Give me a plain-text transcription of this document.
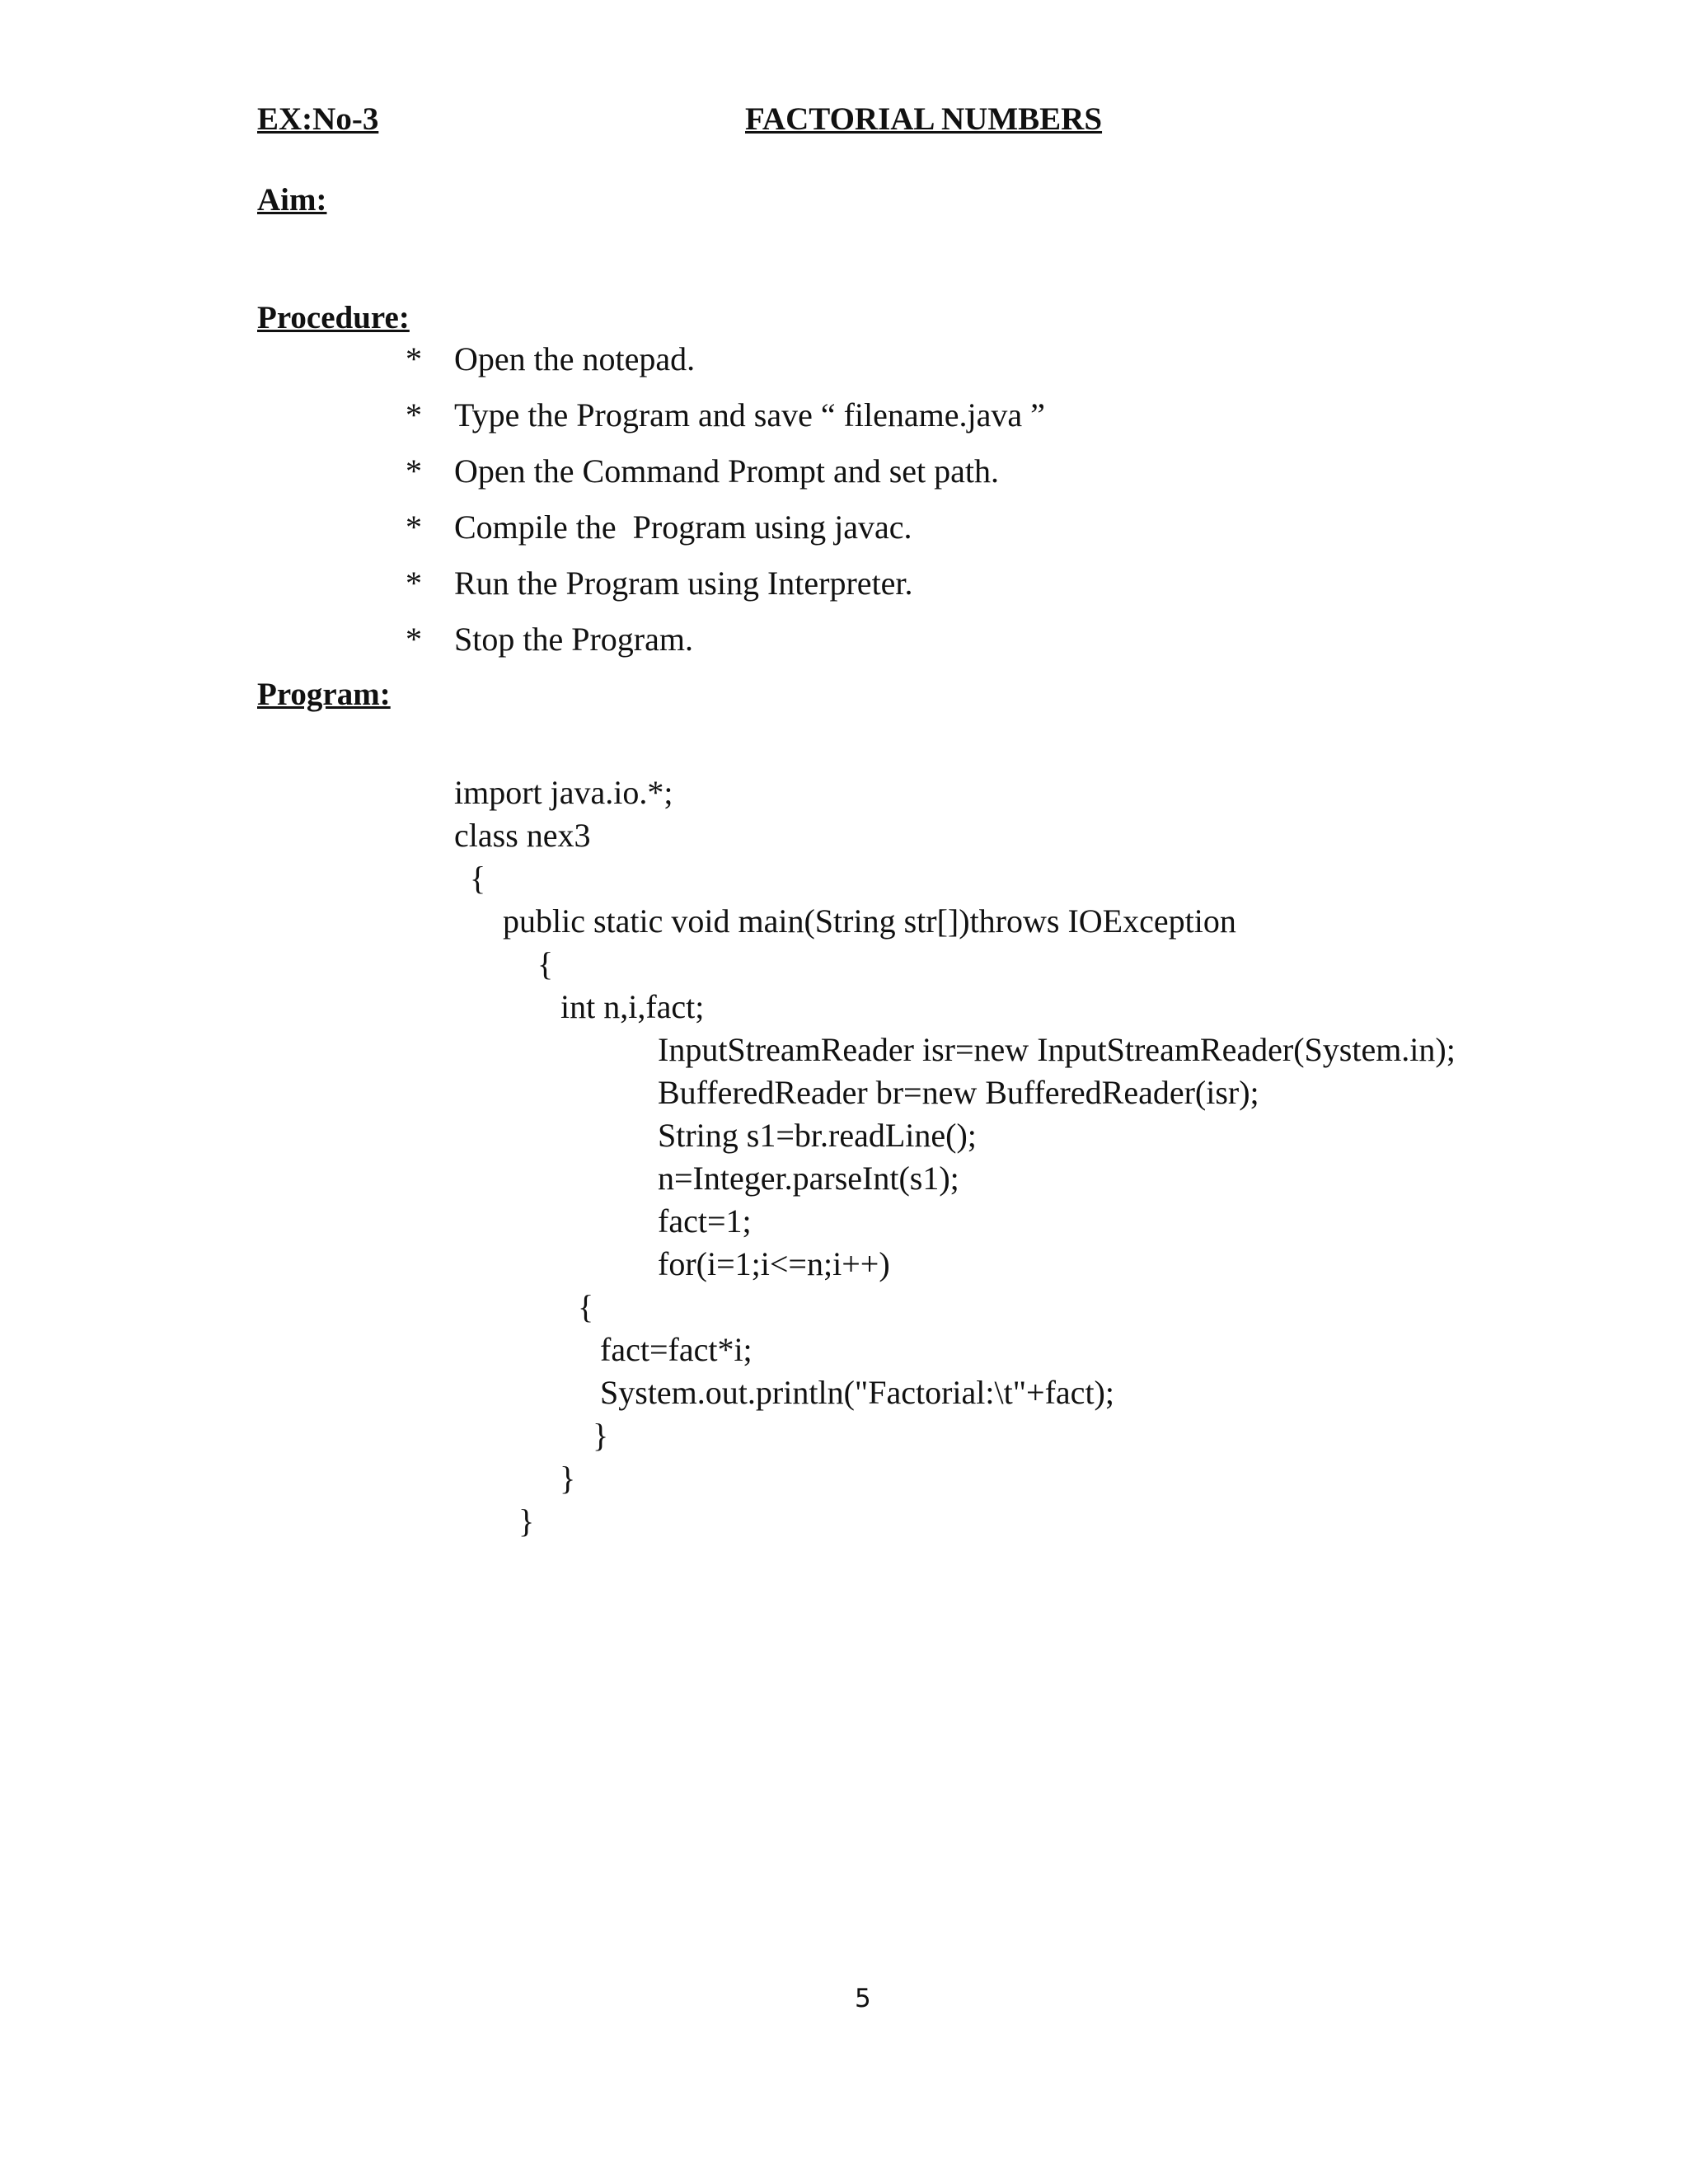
EX:No-3	FACTORIAL NUMBERS
Aim:
Procedure:
* Open the notepad.
* Type the Program and save “ filename.java ”
* Open the Command Prompt and set path.
* Compile the  Program using javac.
* Run the Program using Interpreter.
* Stop the Program.
Program:
import java.io.*;
class nex3
{
public static void main(String str[])throws IOException
{
int n,i,fact;
InputStreamReader isr=new InputStreamReader(System.in);
BufferedReader br=new BufferedReader(isr);
String s1=br.readLine();
n=Integer.parseInt(s1);
fact=1;
for(i=1;i<=n;i++)
{
fact=fact*i;
System.out.println("Factorial:\t"+fact);
}
}
}
5
